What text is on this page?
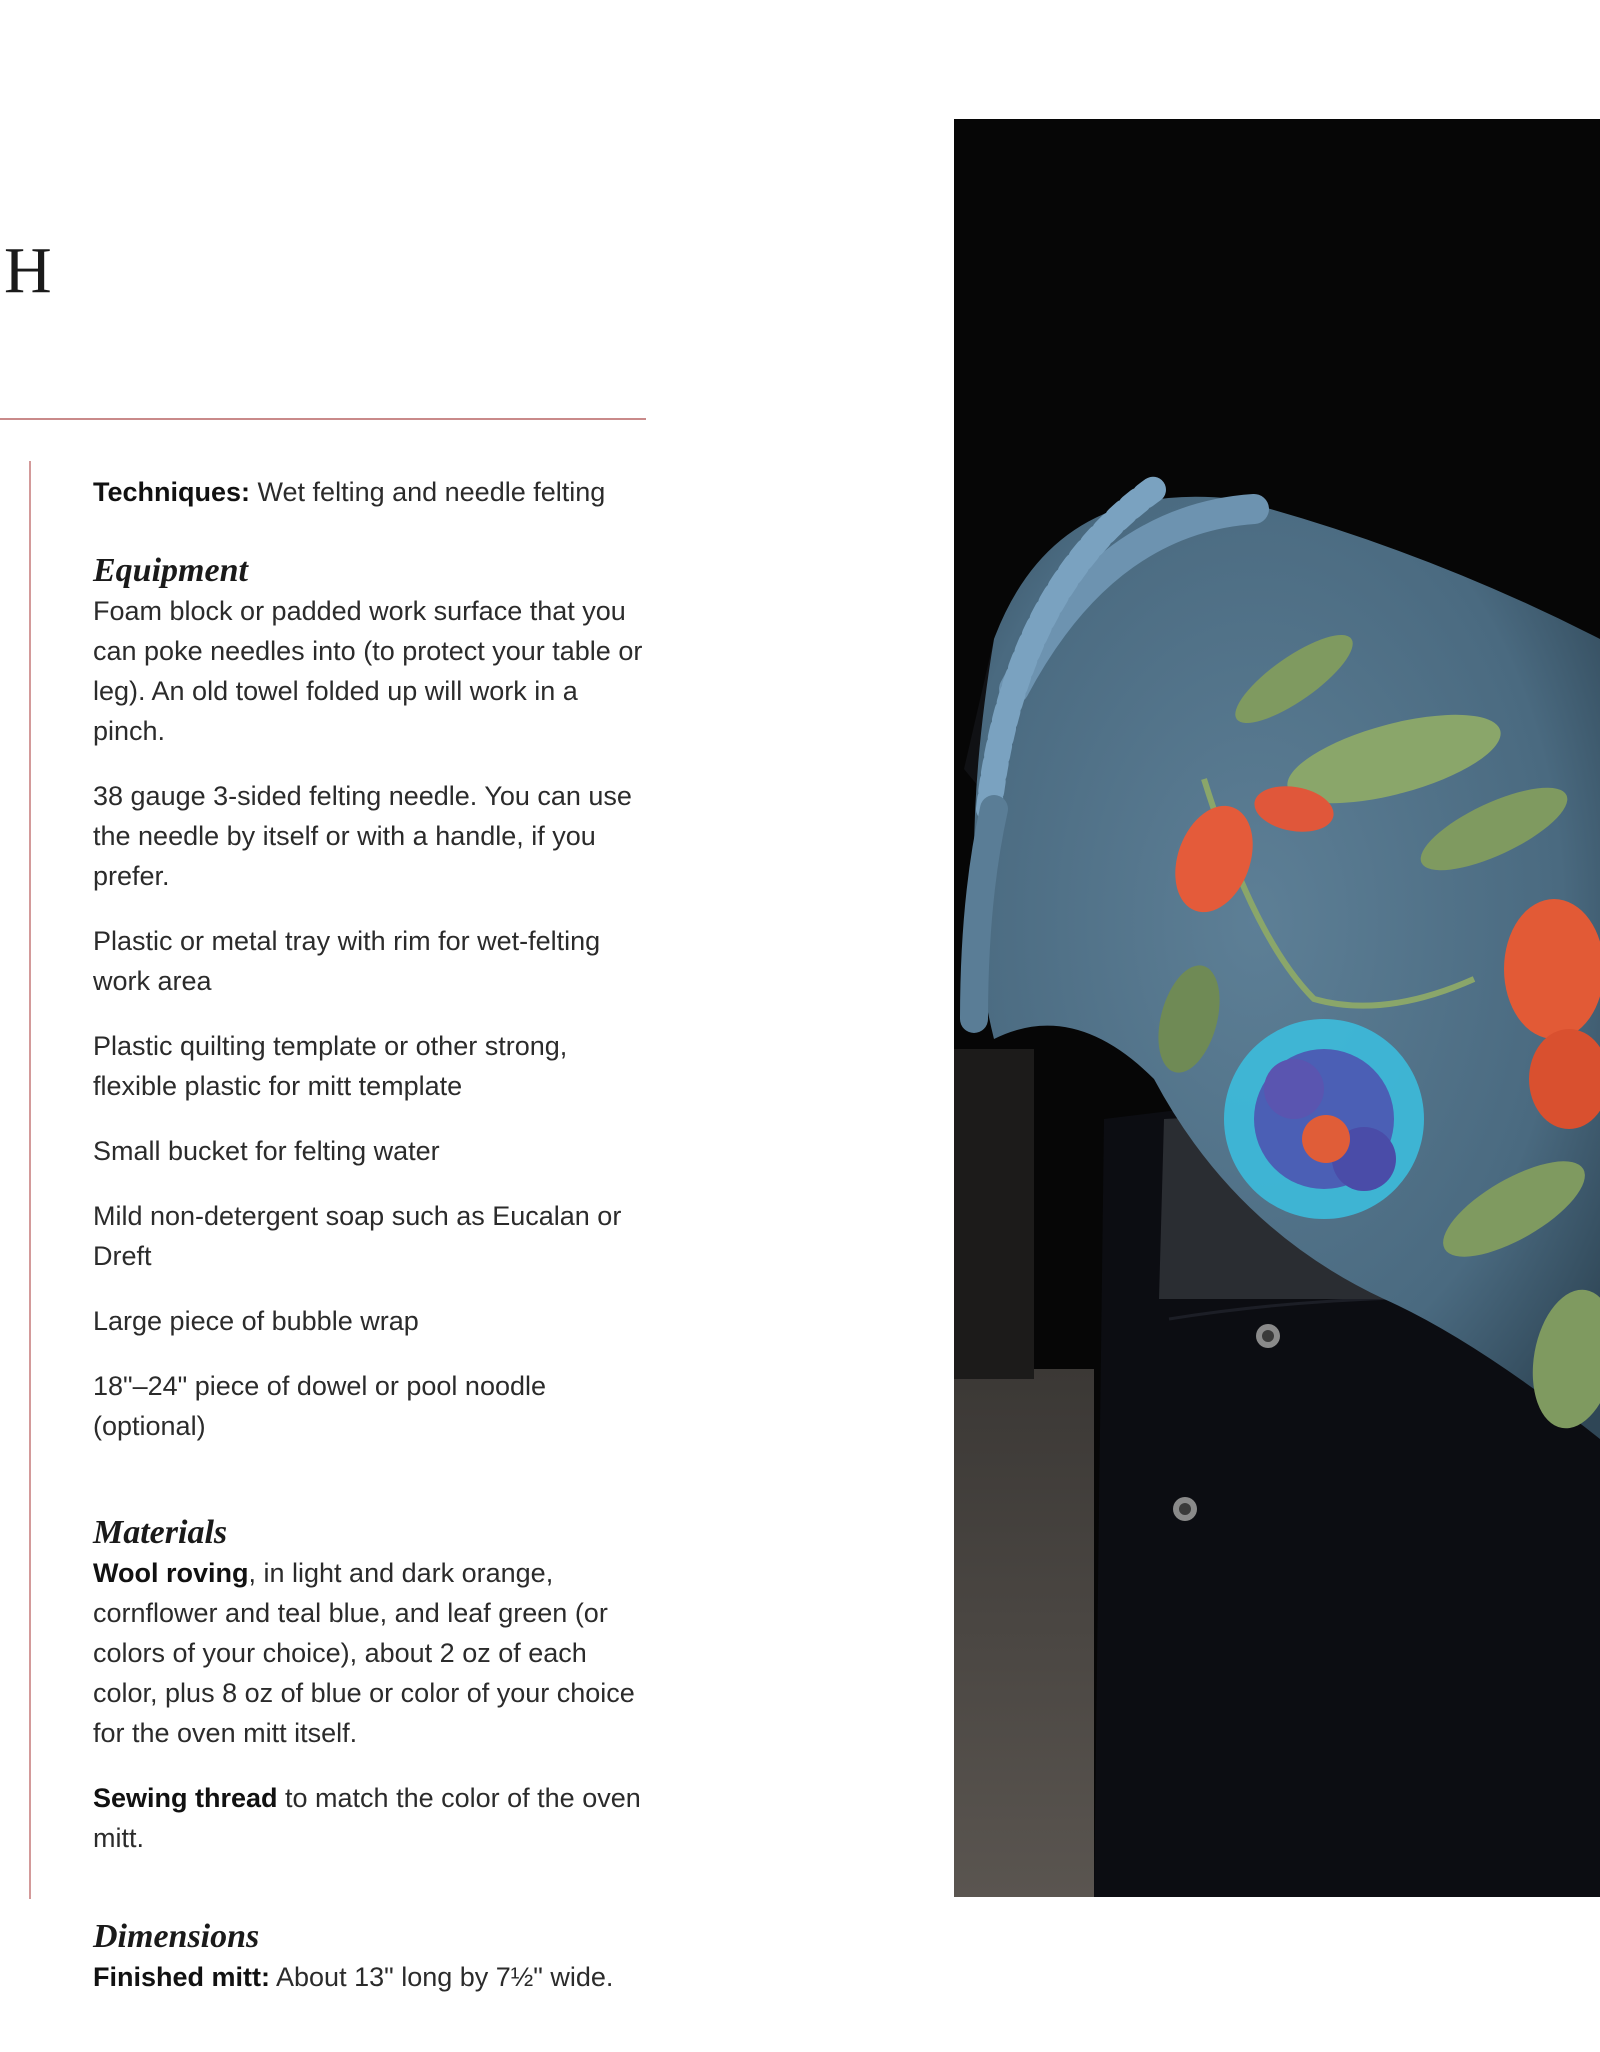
H

Techniques: Wet felting and needle felting

Equipment

Foam block or padded work surface that you can poke needles into (to protect your table or leg). An old towel folded up will work in a pinch.

38 gauge 3-sided felting needle. You can use the needle by itself or with a handle, if you prefer.

Plastic or metal tray with rim for wet-felting work area

Plastic quilting template or other strong, flexible plastic for mitt template

Small bucket for felting water

Mild non-detergent soap such as Eucalan or Dreft

Large piece of bubble wrap

18"–24" piece of dowel or pool noodle (optional)

Materials

Wool roving, in light and dark orange, cornflower and teal blue, and leaf green (or colors of your choice), about 2 oz of each color, plus 8 oz of blue or color of your choice for the oven mitt itself.

Sewing thread to match the color of the oven mitt.

Dimensions

Finished mitt: About 13" long by 7½" wide.
